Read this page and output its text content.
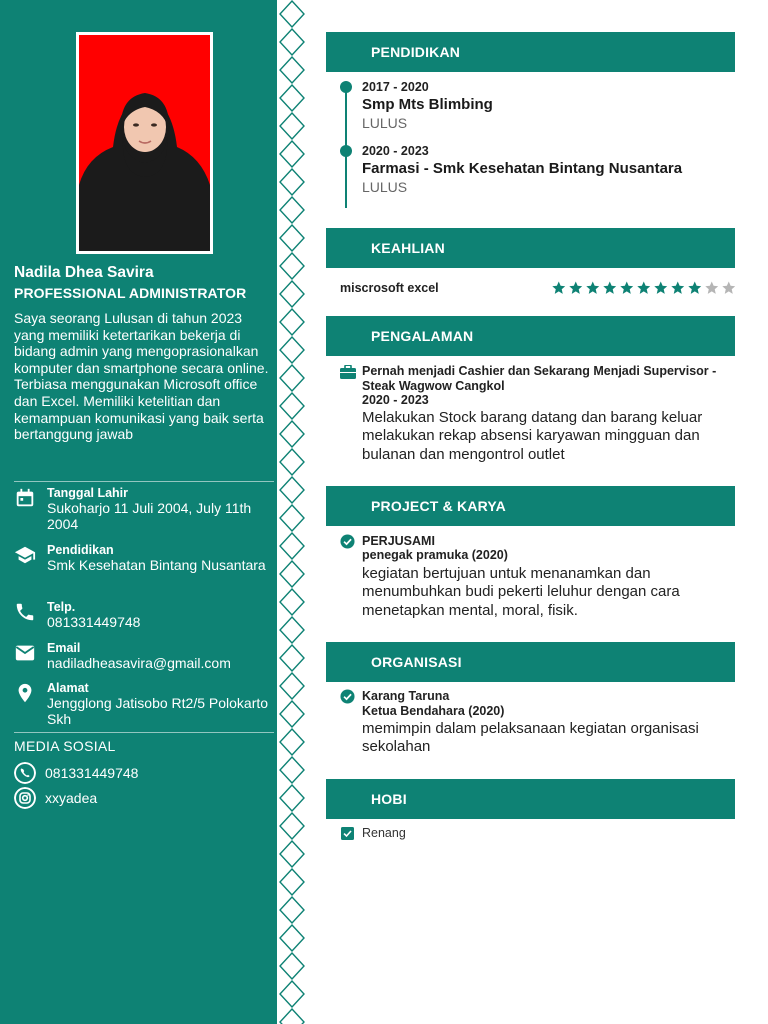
Nadila Dhea Savira
PROFESSIONAL ADMINISTRATOR
Saya seorang Lulusan di tahun 2023 yang memiliki ketertarikan bekerja di bidang admin yang mengoprasionalkan komputer dan smartphone secara online. Terbiasa menggunakan Microsoft office dan Excel. Memiliki ketelitian dan kemampuan komunikasi yang baik serta bertanggung jawab
Tanggal Lahir
Sukoharjo 11 Juli 2004, July 11th 2004
Pendidikan
Smk Kesehatan Bintang Nusantara
Telp.
081331449748
Email
nadiladheasavira@gmail.com
Alamat
Jengglong Jatisobo Rt2/5 Polokarto Skh
MEDIA SOSIAL
081331449748
xxyadea
PENDIDIKAN
2017 - 2020
Smp Mts Blimbing
LULUS
2020 - 2023
Farmasi - Smk Kesehatan Bintang Nusantara
LULUS
KEAHLIAN
miscrosoft excel
PENGALAMAN
Pernah menjadi Cashier dan Sekarang Menjadi Supervisor - Steak Wagwow Cangkol
2020 - 2023
Melakukan Stock barang datang dan barang keluar melakukan rekap absensi karyawan mingguan dan bulanan dan mengontrol outlet
PROJECT & KARYA
PERJUSAMI
penegak pramuka (2020)
kegiatan bertujuan untuk menanamkan dan menumbuhkan budi pekerti leluhur dengan cara menetapkan mental, moral, fisik.
ORGANISASI
Karang Taruna
Ketua Bendahara (2020)
memimpin dalam pelaksanaan kegiatan organisasi sekolahan
HOBI
Renang
